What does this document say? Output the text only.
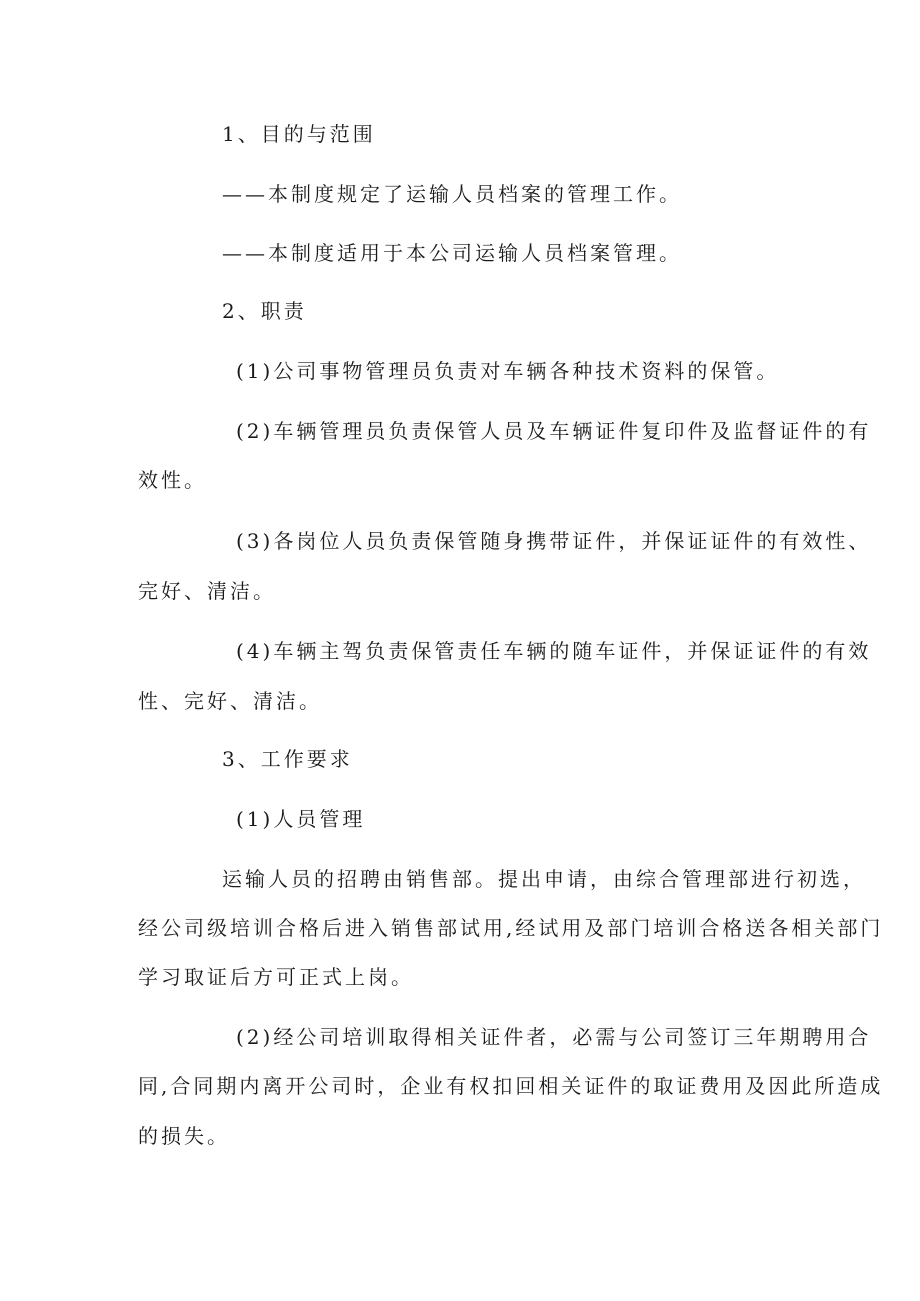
1、目的与范围
——本制度规定了运输人员档案的管理工作。
——本制度适用于本公司运输人员档案管理。
2、职责
(1)公司事物管理员负责对车辆各种技术资料的保管。
(2)车辆管理员负责保管人员及车辆证件复印件及监督证件的有
效性。
(3)各岗位人员负责保管随身携带证件，并保证证件的有效性、
完好、清洁。
(4)车辆主驾负责保管责任车辆的随车证件，并保证证件的有效
性、完好、清洁。
3、工作要求
(1)人员管理
运输人员的招聘由销售部。提出申请，由综合管理部进行初选，
经公司级培训合格后进入销售部试用,经试用及部门培训合格送各相关部门
学习取证后方可正式上岗。
(2)经公司培训取得相关证件者，必需与公司签订三年期聘用合
同,合同期内离开公司时，企业有权扣回相关证件的取证费用及因此所造成
的损失。
